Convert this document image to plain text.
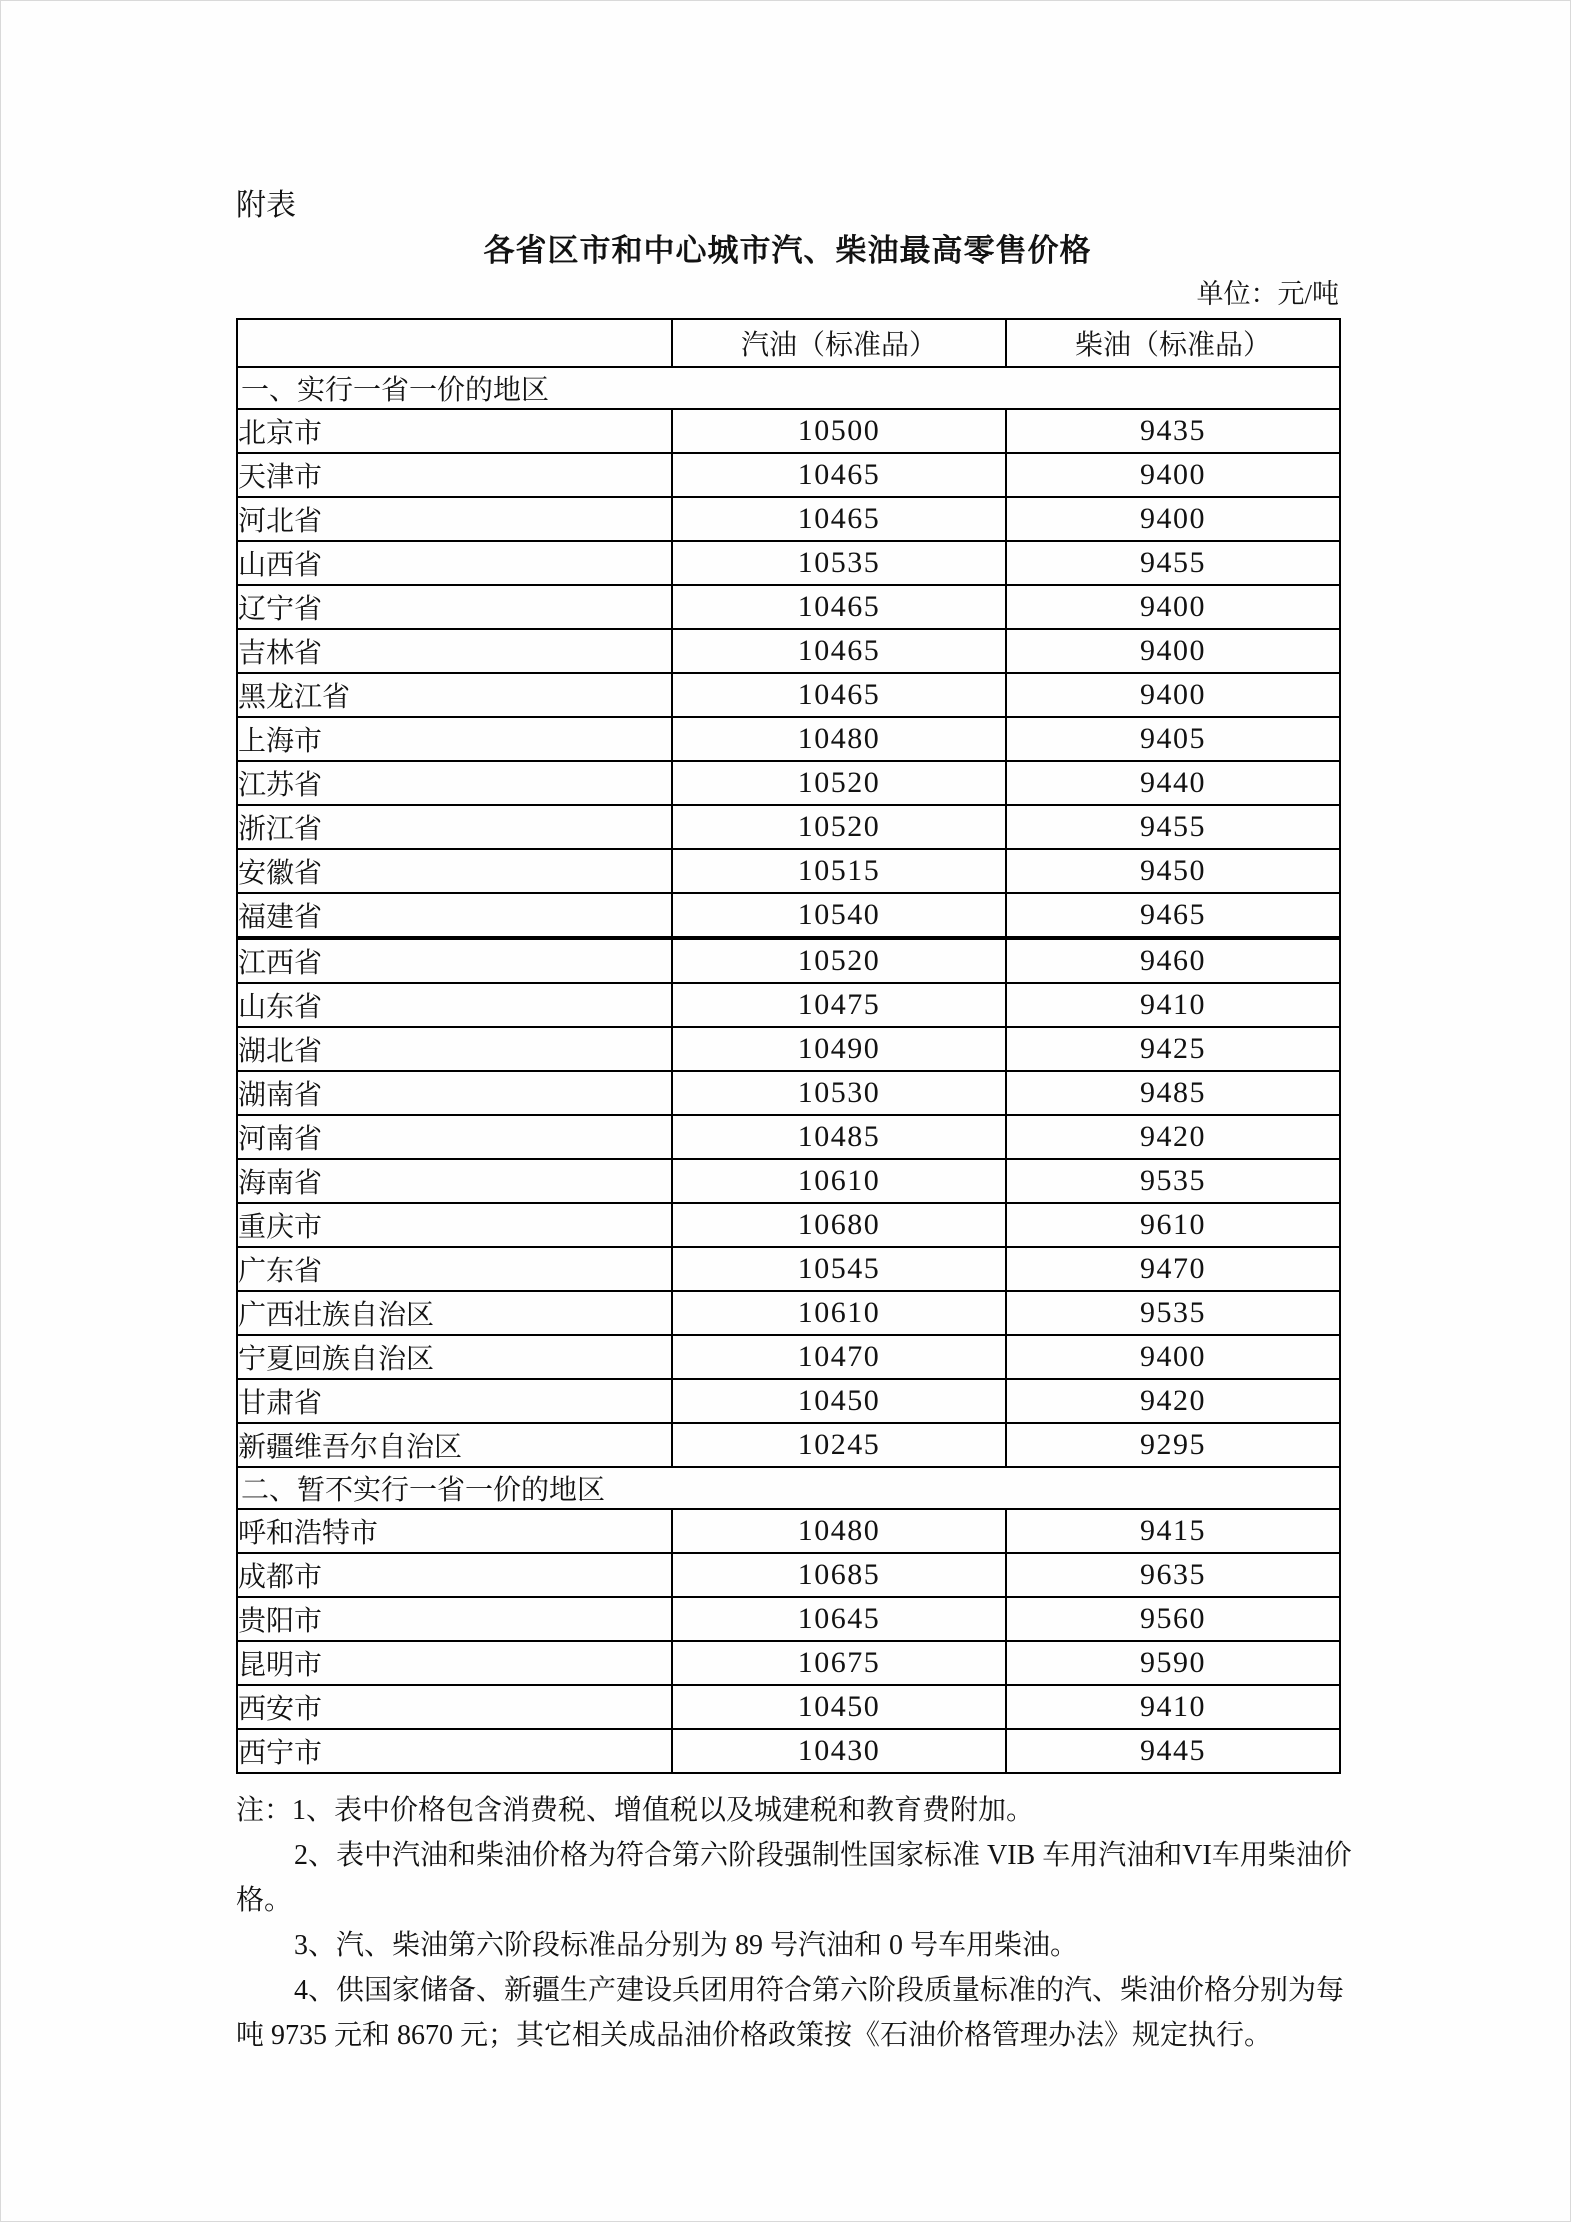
附表
各省区市和中心城市汽、柴油最高零售价格
单位：元/吨
	汽油（标准品）	柴油（标准品）
一、实行一省一价的地区		
北京市	10500	9435
天津市	10465	9400
河北省	10465	9400
山西省	10535	9455
辽宁省	10465	9400
吉林省	10465	9400
黑龙江省	10465	9400
上海市	10480	9405
江苏省	10520	9440
浙江省	10520	9455
安徽省	10515	9450
福建省	10540	9465
江西省	10520	9460
山东省	10475	9410
湖北省	10490	9425
湖南省	10530	9485
河南省	10485	9420
海南省	10610	9535
重庆市	10680	9610
广东省	10545	9470
广西壮族自治区	10610	9535
宁夏回族自治区	10470	9400
甘肃省	10450	9420
新疆维吾尔自治区	10245	9295
二、暂不实行一省一价的地区		
呼和浩特市	10480	9415
成都市	10685	9635
贵阳市	10645	9560
昆明市	10675	9590
西安市	10450	9410
西宁市	10430	9445

注：1、表中价格包含消费税、增值税以及城建税和教育费附加。

2、表中汽油和柴油价格为符合第六阶段强制性国家标准 VIB 车用汽油和VI车用柴油价格。

3、汽、柴油第六阶段标准品分别为 89 号汽油和 0 号车用柴油。

4、供国家储备、新疆生产建设兵团用符合第六阶段质量标准的汽、柴油价格分别为每吨 9735 元和 8670 元；其它相关成品油价格政策按《石油价格管理办法》规定执行。
